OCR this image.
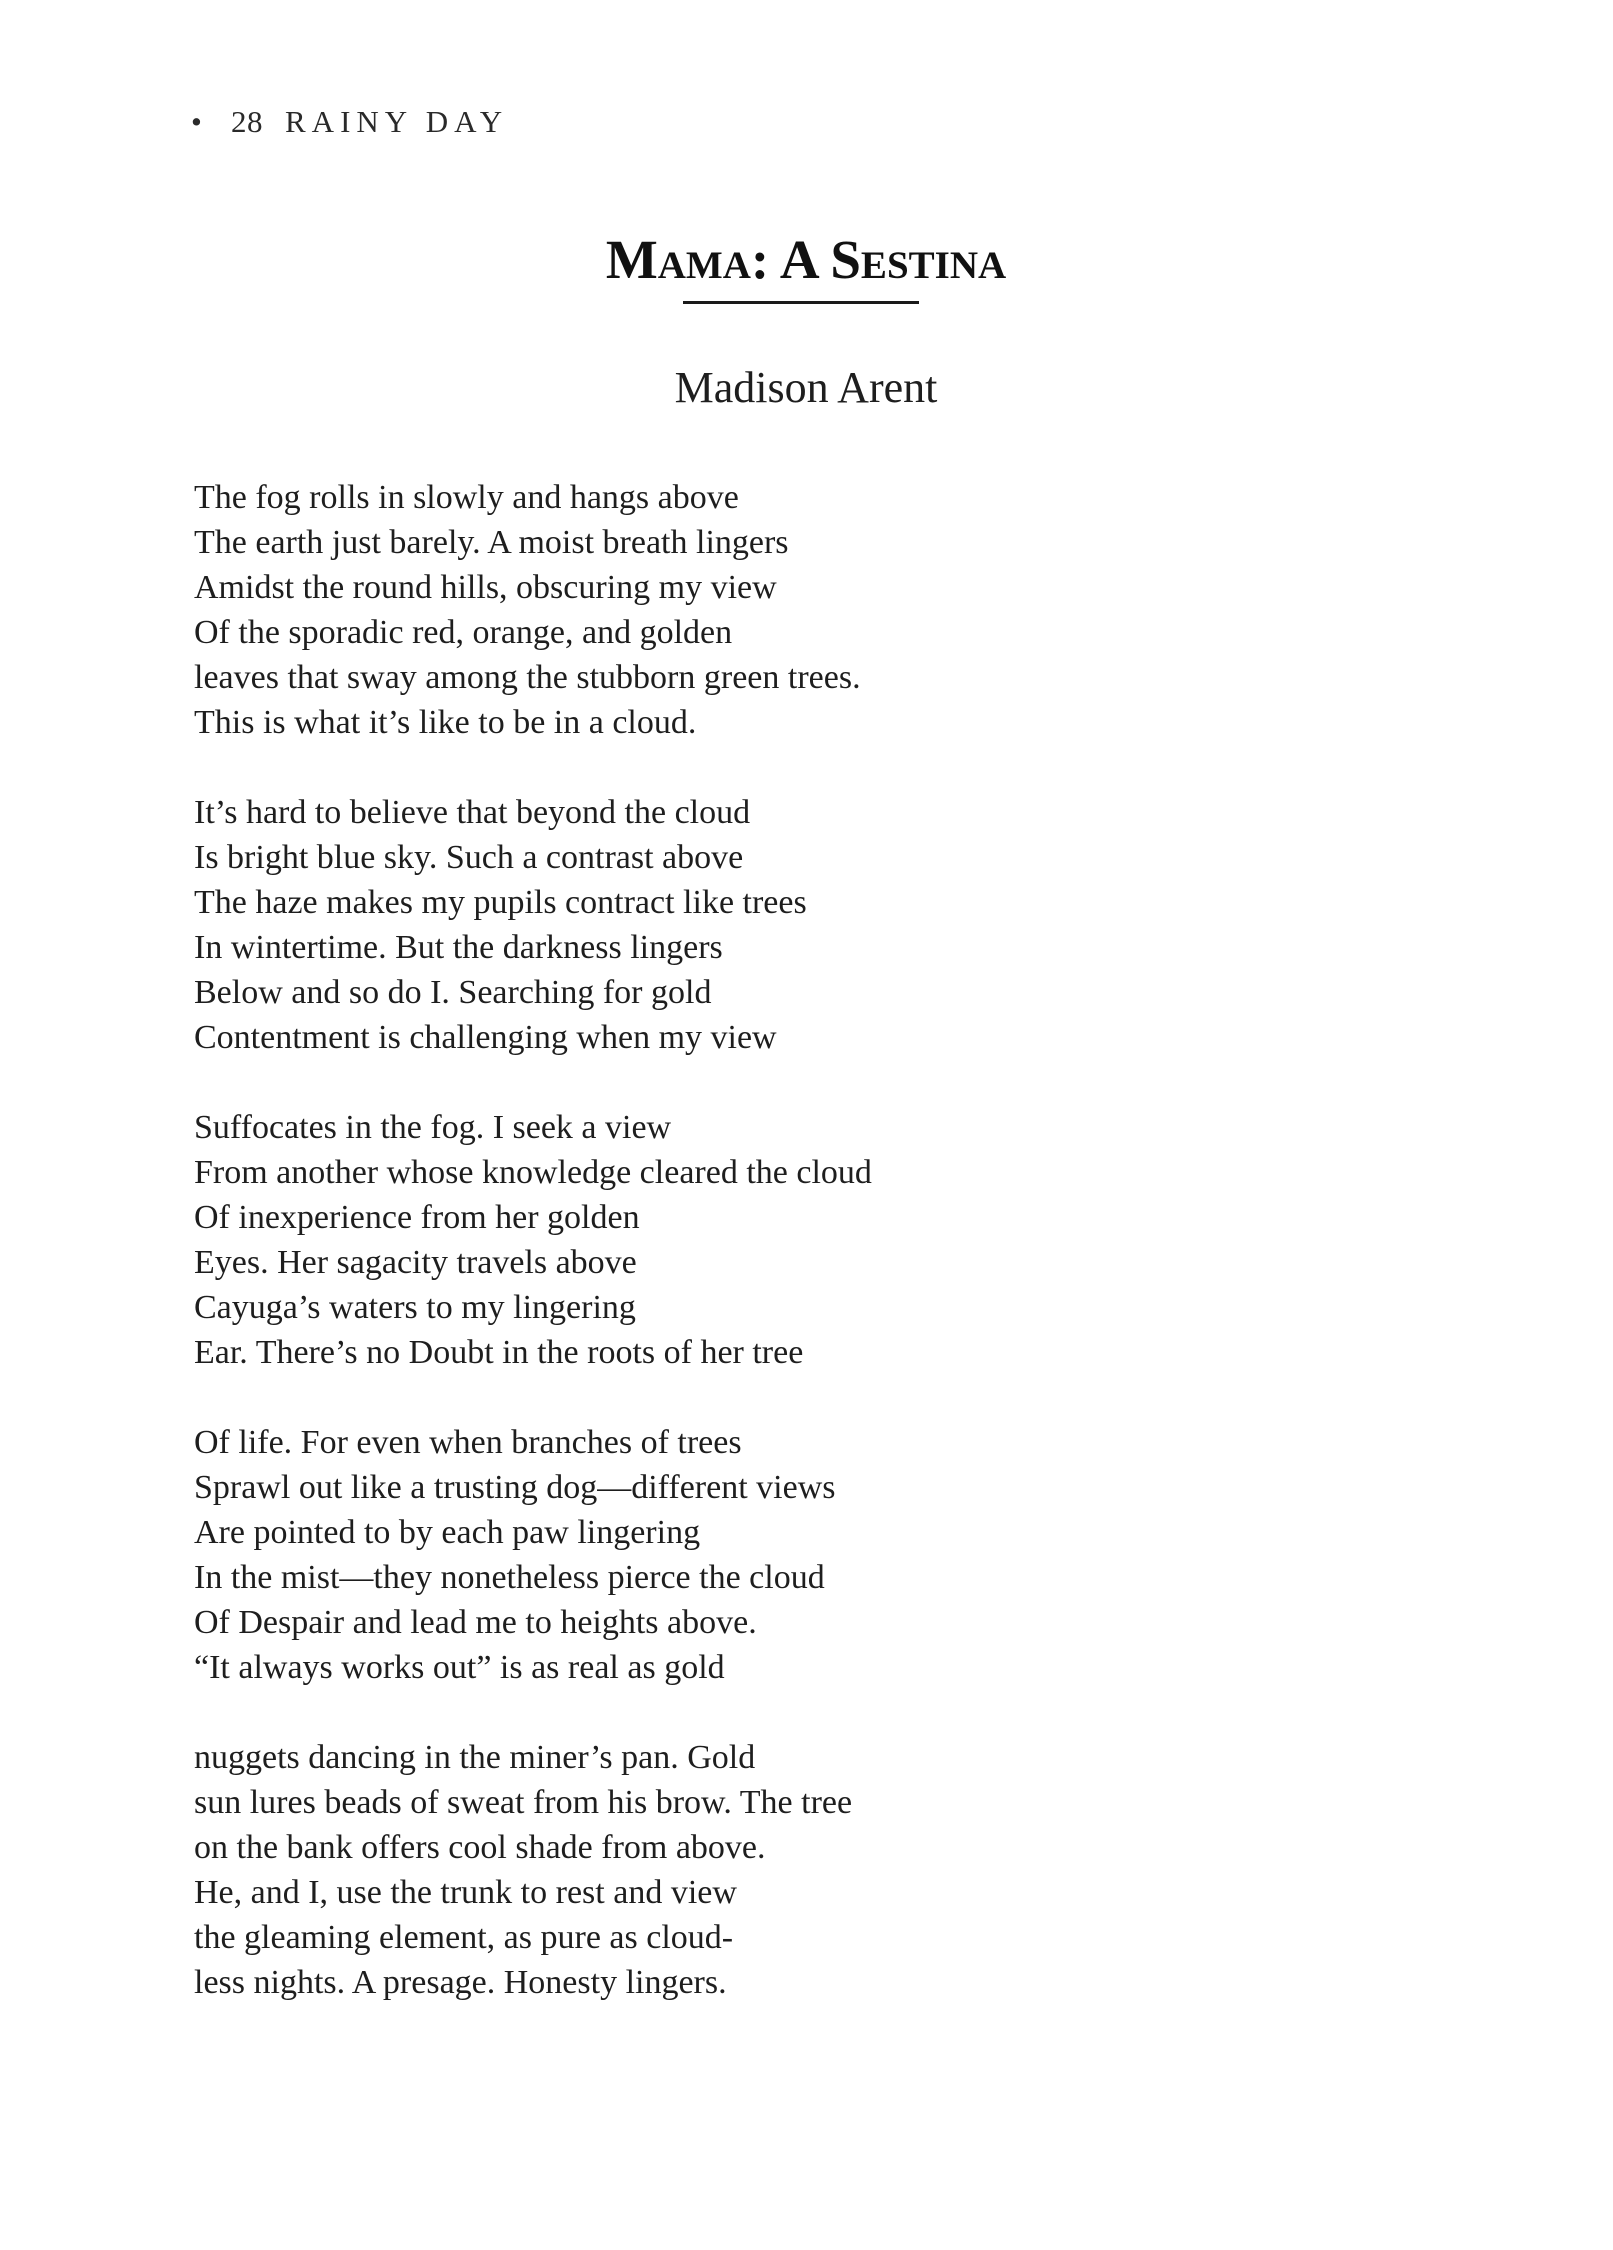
• 28 RAINY DAY
Mama: A Sestina
Madison Arent
The fog rolls in slowly and hangs above
The earth just barely. A moist breath lingers
Amidst the round hills, obscuring my view
Of the sporadic red, orange, and golden
leaves that sway among the stubborn green trees.
This is what it’s like to be in a cloud.
It’s hard to believe that beyond the cloud
Is bright blue sky. Such a contrast above
The haze makes my pupils contract like trees
In wintertime. But the darkness lingers
Below and so do I. Searching for gold
Contentment is challenging when my view
Suffocates in the fog. I seek a view
From another whose knowledge cleared the cloud
Of inexperience from her golden
Eyes. Her sagacity travels above
Cayuga’s waters to my lingering
Ear. There’s no Doubt in the roots of her tree
Of life. For even when branches of trees
Sprawl out like a trusting dog—different views
Are pointed to by each paw lingering
In the mist—they nonetheless pierce the cloud
Of Despair and lead me to heights above.
“It always works out” is as real as gold
nuggets dancing in the miner’s pan. Gold
sun lures beads of sweat from his brow. The tree
on the bank offers cool shade from above.
He, and I, use the trunk to rest and view
the gleaming element, as pure as cloud-
less nights. A presage. Honesty lingers.
